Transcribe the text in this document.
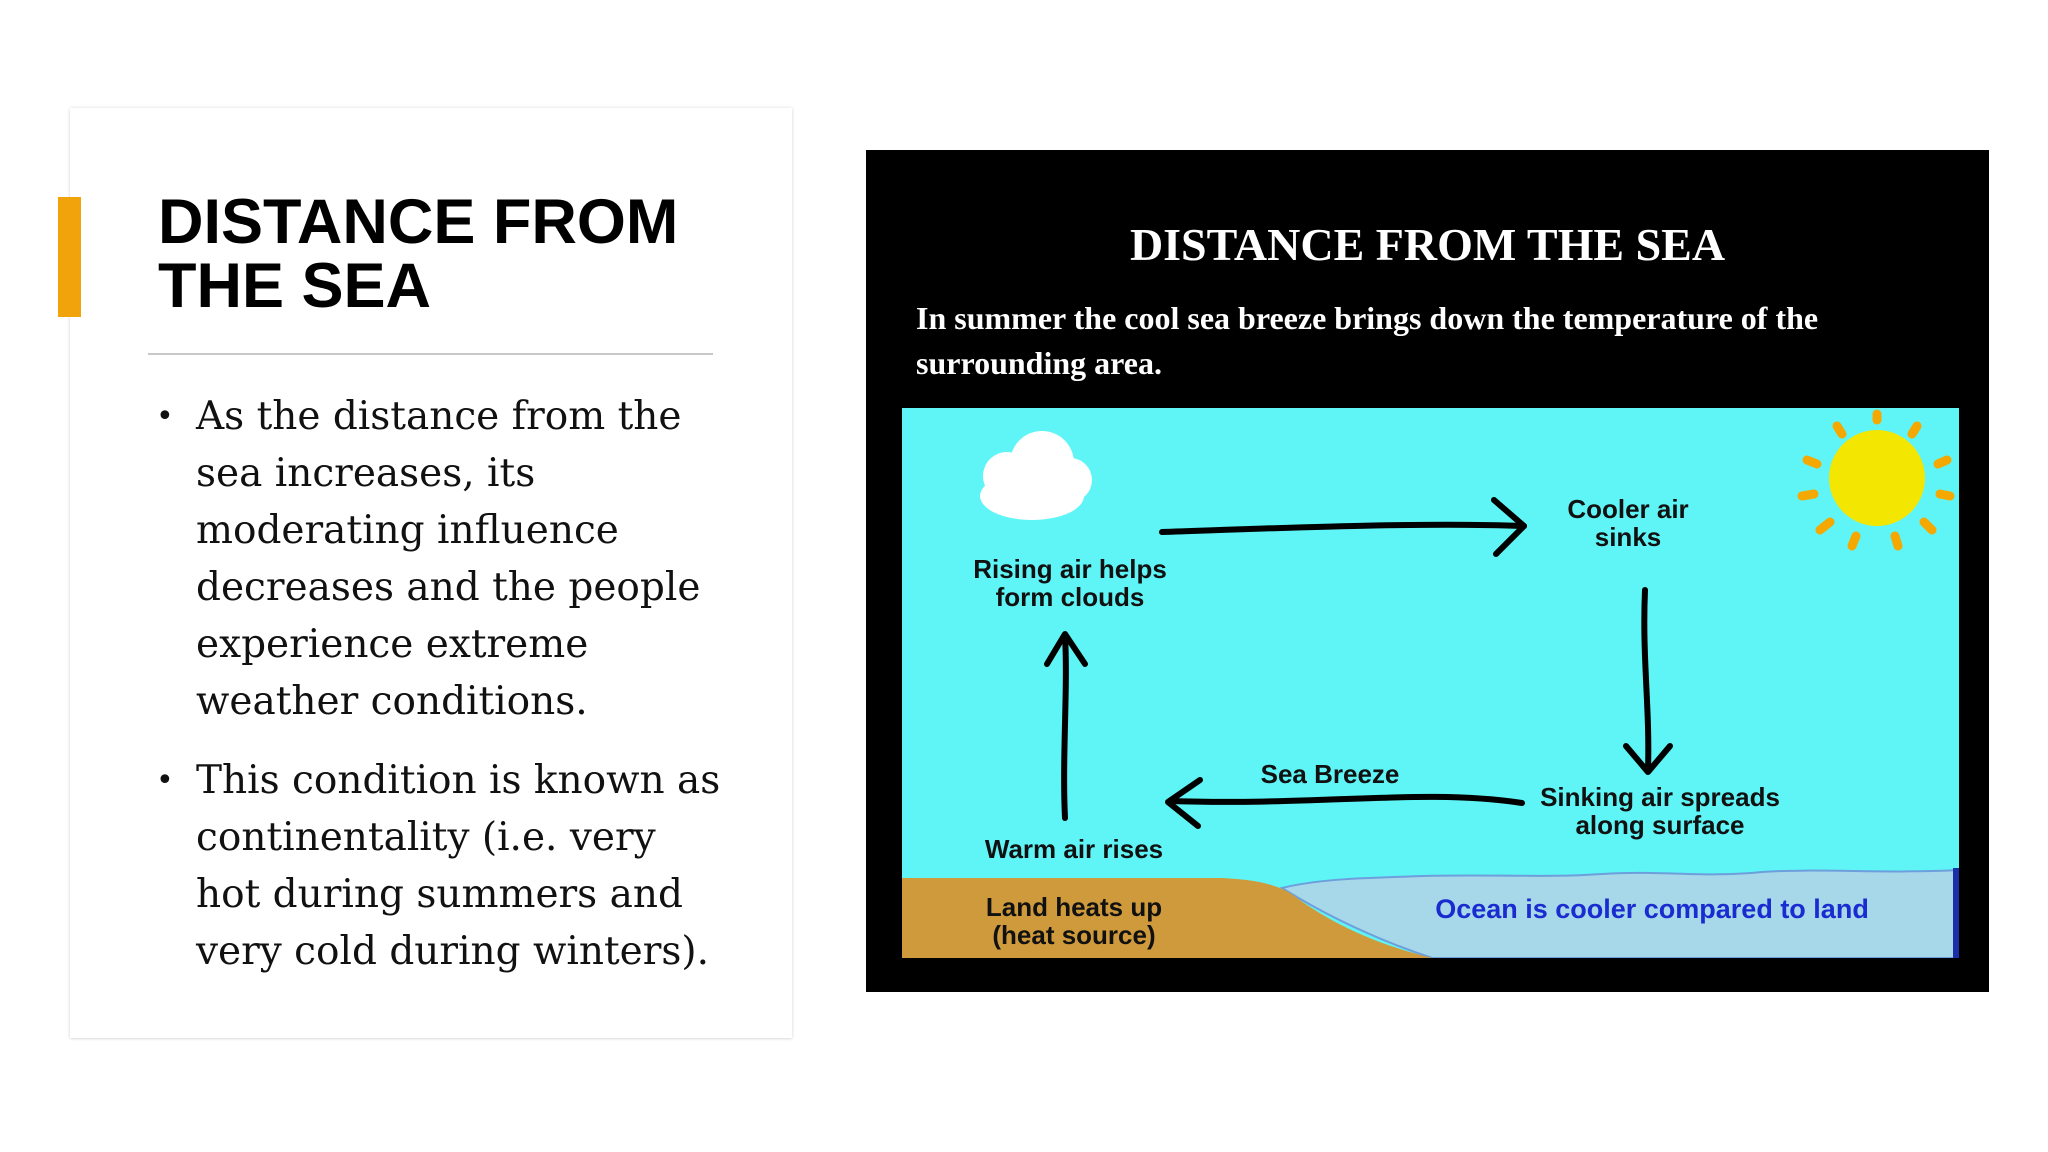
DISTANCE FROM
THE SEA
• As the distance from the sea increases, its moderating influence decreases and the people experience extreme weather conditions.
• This condition is known as continentality (i.e. very hot during summers and very cold during winters).

DISTANCE FROM THE SEA

In summer the cool sea breeze brings down the temperature of the surrounding area.

Rising air helps
form clouds
Cooler air
sinks
Sea Breeze
Sinking air spreads
along surface
Warm air rises
Land heats up
(heat source)
Ocean is cooler compared to land
